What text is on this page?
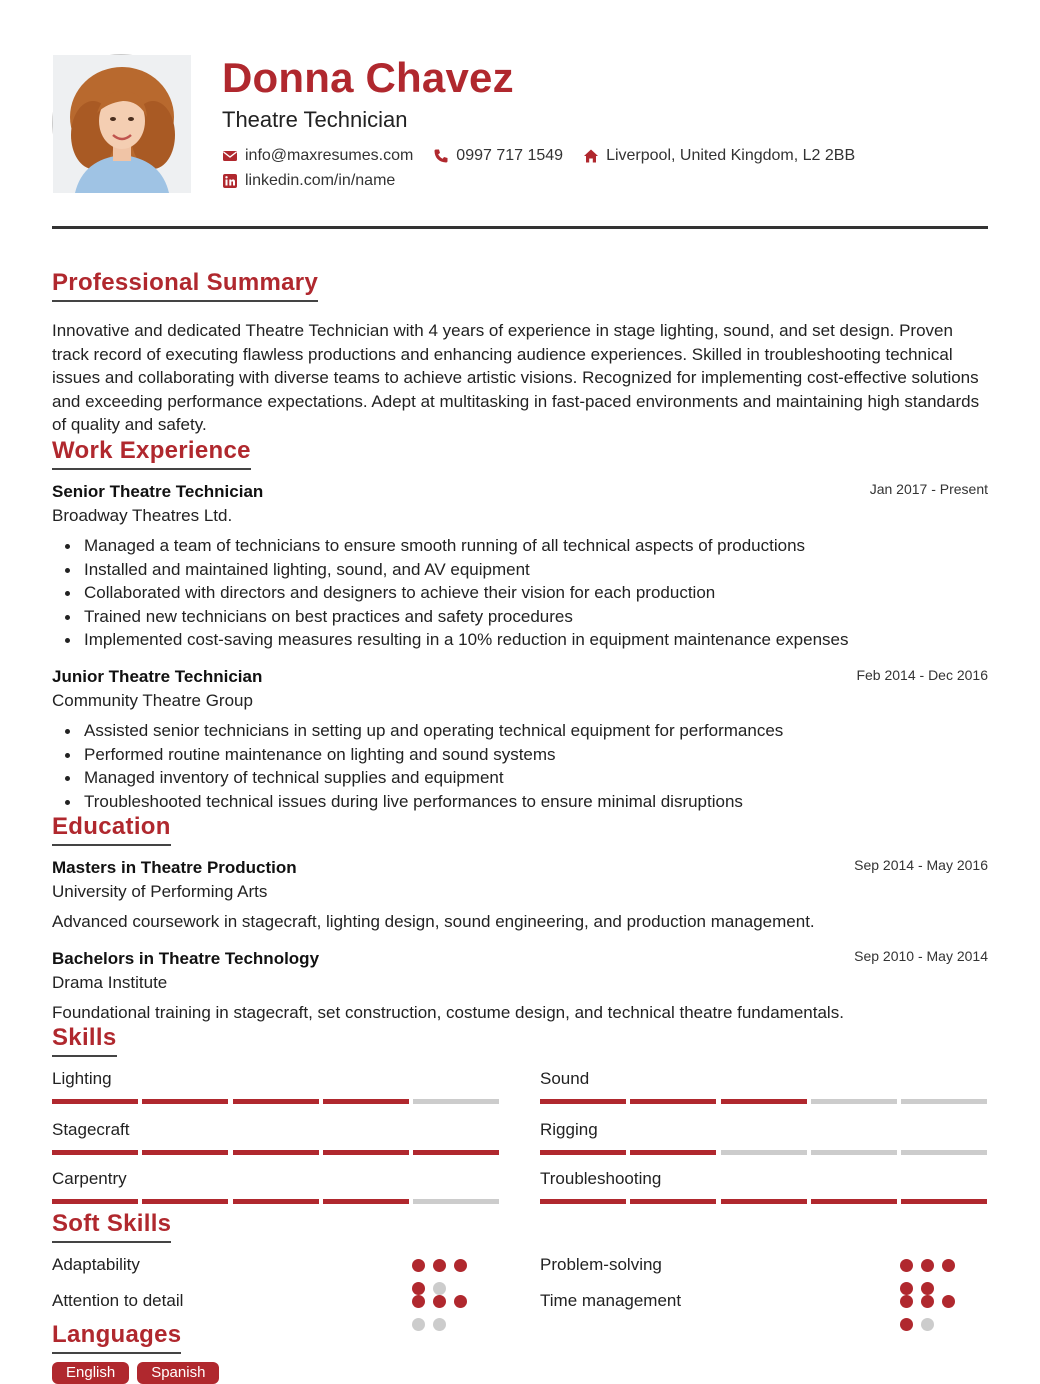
Donna Chavez
Theatre Technician
info@maxresumes.com	0997 717 1549	Liverpool, United Kingdom, L2 2BB
linkedin.com/in/name
Professional Summary
Innovative and dedicated Theatre Technician with 4 years of experience in stage lighting, sound, and set design. Proven track record of executing flawless productions and enhancing audience experiences. Skilled in troubleshooting technical issues and collaborating with diverse teams to achieve artistic visions. Recognized for implementing cost-effective solutions and exceeding performance expectations. Adept at multitasking in fast-paced environments and maintaining high standards of quality and safety.
Work Experience
Senior Theatre Technician	Jan 2017 - Present
Broadway Theatres Ltd.
Managed a team of technicians to ensure smooth running of all technical aspects of productions
Installed and maintained lighting, sound, and AV equipment
Collaborated with directors and designers to achieve their vision for each production
Trained new technicians on best practices and safety procedures
Implemented cost-saving measures resulting in a 10% reduction in equipment maintenance expenses
Junior Theatre Technician	Feb 2014 - Dec 2016
Community Theatre Group
Assisted senior technicians in setting up and operating technical equipment for performances
Performed routine maintenance on lighting and sound systems
Managed inventory of technical supplies and equipment
Troubleshooted technical issues during live performances to ensure minimal disruptions
Education
Masters in Theatre Production	Sep 2014 - May 2016
University of Performing Arts
Advanced coursework in stagecraft, lighting design, sound engineering, and production management.
Bachelors in Theatre Technology	Sep 2010 - May 2014
Drama Institute
Foundational training in stagecraft, set construction, costume design, and technical theatre fundamentals.
Skills
Lighting	Sound
Stagecraft	Rigging
Carpentry	Troubleshooting
Soft Skills
Adaptability	Problem-solving
Attention to detail	Time management
Languages
English	Spanish
